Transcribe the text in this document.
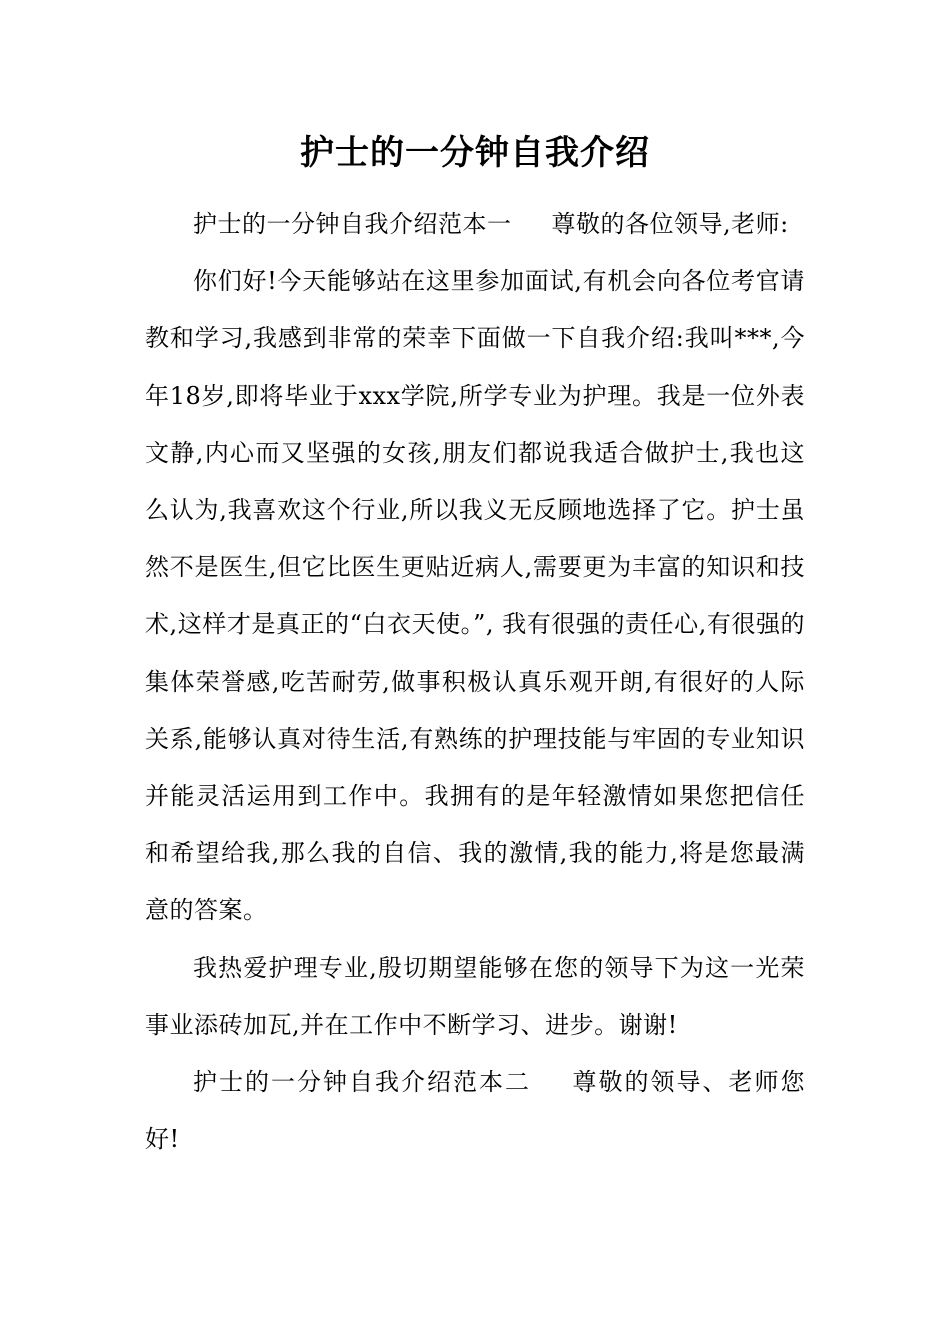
护士的一分钟自我介绍

护士的一分钟自我介绍范本一 尊敬的各位领导,老师:

你们好!今天能够站在这里参加面试,有机会向各位考官请教和学习,我感到非常的荣幸下面做一下自我介绍:我叫***,今年18岁,即将毕业于xxx学院,所学专业为护理。我是一位外表文静,内心而又坚强的女孩,朋友们都说我适合做护士,我也这么认为,我喜欢这个行业,所以我义无反顾地选择了它。护士虽然不是医生,但它比医生更贴近病人,需要更为丰富的知识和技术,这样才是真正的“白衣天使。”, 我有很强的责任心,有很强的集体荣誉感,吃苦耐劳,做事积极认真乐观开朗,有很好的人际关系,能够认真对待生活,有熟练的护理技能与牢固的专业知识并能灵活运用到工作中。我拥有的是年轻激情如果您把信任和希望给我,那么我的自信、我的激情,我的能力,将是您最满意的答案。

我热爱护理专业,殷切期望能够在您的领导下为这一光荣事业添砖加瓦,并在工作中不断学习、进步。谢谢!

护士的一分钟自我介绍范本二 尊敬的领导、老师您好!
